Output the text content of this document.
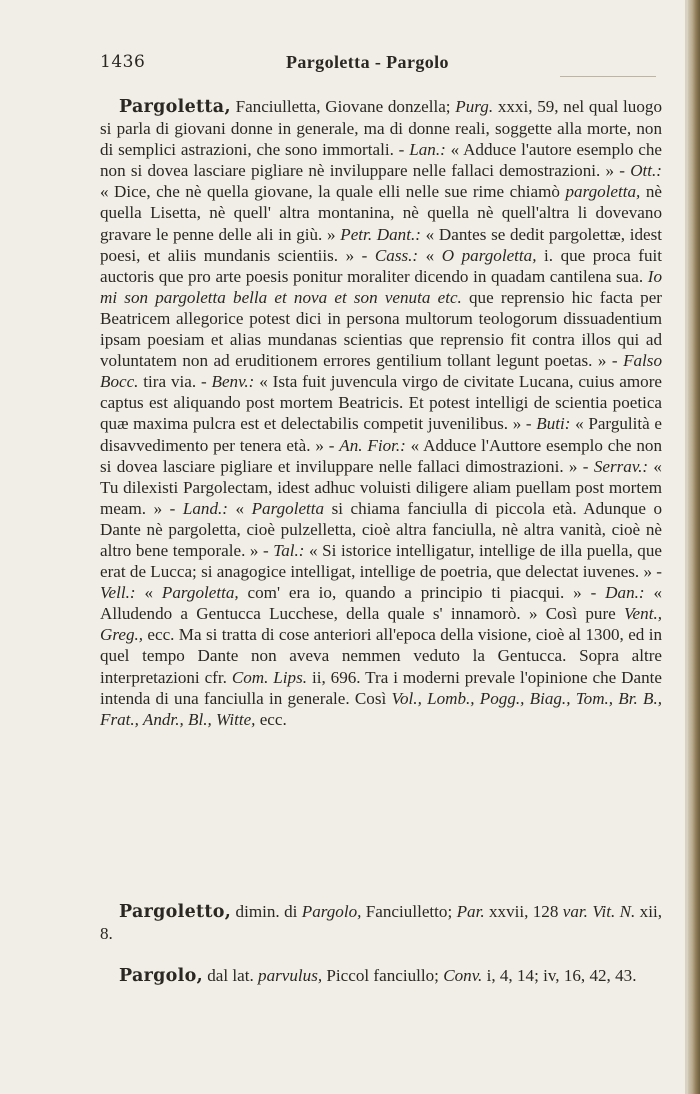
1436	Pargoletta - Pargolo

Pargoletta, Fanciulletta, Giovane donzella; Purg. xxxi, 59, nel qual luogo si parla di giovani donne in generale, ma di donne reali, soggette alla morte, non di semplici astrazioni, che sono immortali. - Lan.: « Adduce l'autore esemplo che non si dovea lasciare pigliare nè inviluppare nelle fallaci demostrazioni. » - Ott.: « Dice, che nè quella giovane, la quale elli nelle sue rime chiamò pargoletta, nè quella Lisetta, nè quell' altra montanina, nè quella nè quell'altra li dovevano gravare le penne delle ali in giù. » Petr. Dant.: « Dantes se dedit pargolettæ, idest poesi, et aliis mundanis scientiis. » - Cass.: « O pargoletta, i. que proca fuit auctoris que pro arte poesis ponitur moraliter dicendo in quadam cantilena sua. Io mi son pargoletta bella et nova et son venuta etc. que reprensio hic facta per Beatricem allegorice potest dici in persona multorum teologorum dissuadentium ipsam poesiam et alias mundanas scientias que reprensio fit contra illos qui ad voluntatem non ad eruditionem errores gentilium tollant legunt poetas. » - Falso Bocc. tira via. - Benv.: « Ista fuit juvencula virgo de civitate Lucana, cuius amore captus est aliquando post mortem Beatricis. Et potest intelligi de scientia poetica quæ maxima pulcra est et delectabilis competit juvenilibus. » - Buti: « Pargulità e disavvedimento per tenera età. » - An. Fior.: « Adduce l'Auttore esemplo che non si dovea lasciare pigliare et inviluppare nelle fallaci dimostrazioni. » - Serrav.: « Tu dilexisti Pargolectam, idest adhuc voluisti diligere aliam puellam post mortem meam. » - Land.: « Pargoletta si chiama fanciulla di piccola età. Adunque o Dante nè pargoletta, cioè pulzelletta, cioè altra fanciulla, nè altra vanità, cioè nè altro bene temporale. » - Tal.: « Si istorice intelligatur, intellige de illa puella, que erat de Lucca; si anagogice intelligat, intellige de poetria, que delectat iuvenes. » - Vell.: « Pargoletta, com' era io, quando a principio ti piacqui. » - Dan.: « Alludendo a Gentucca Lucchese, della quale s' innamorò. » Così pure Vent., Greg., ecc. Ma si tratta di cose anteriori all'epoca della visione, cioè al 1300, ed in quel tempo Dante non aveva nemmen veduto la Gentucca. Sopra altre interpretazioni cfr. Com. Lips. ii, 696. Tra i moderni prevale l'opinione che Dante intenda di una fanciulla in generale. Così Vol., Lomb., Pogg., Biag., Tom., Br. B., Frat., Andr., Bl., Witte, ecc.

Pargoletto, dimin. di Pargolo, Fanciulletto; Par. xxvii, 128 var. Vit. N. xii, 8.

Pargolo, dal lat. parvulus, Piccol fanciullo; Conv. i, 4, 14; iv, 16, 42, 43.
